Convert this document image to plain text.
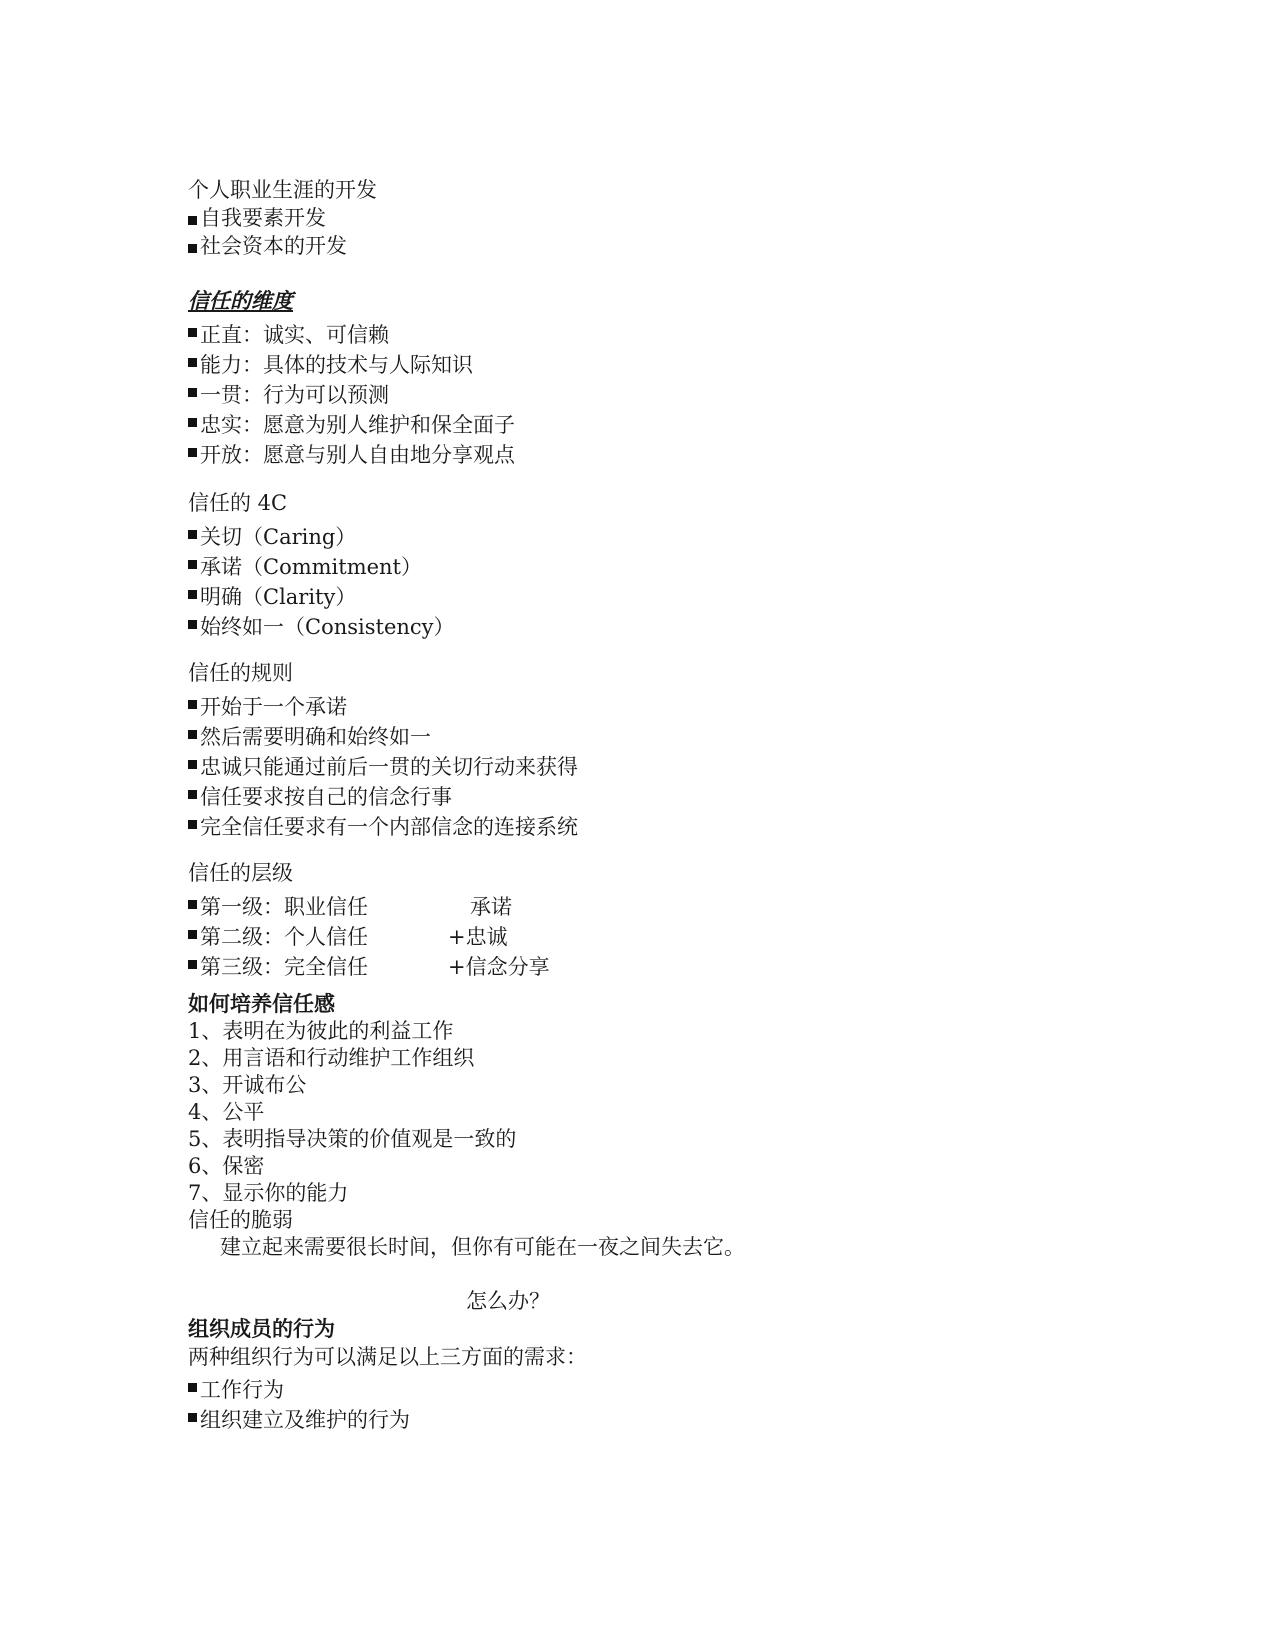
个人职业生涯的开发
自我要素开发
社会资本的开发
信任的维度
正直：诚实、可信赖
能力：具体的技术与人际知识
一贯：行为可以预测
忠实：愿意为别人维护和保全面子
开放：愿意与别人自由地分享观点
信任的 4C
关切（Caring）
承诺（Commitment）
明确（Clarity）
始终如一（Consistency）
信任的规则
开始于一个承诺
然后需要明确和始终如一
忠诚只能通过前后一贯的关切行动来获得
信任要求按自己的信念行事
完全信任要求有一个内部信念的连接系统
信任的层级
第一级：职业信任	承诺
第二级：个人信任	+忠诚
第三级：完全信任	+信念分享
如何培养信任感
1、表明在为彼此的利益工作
2、用言语和行动维护工作组织
3、开诚布公
4、公平
5、表明指导决策的价值观是一致的
6、保密
7、显示你的能力
信任的脆弱
建立起来需要很长时间，但你有可能在一夜之间失去它。
怎么办？
组织成员的行为
两种组织行为可以满足以上三方面的需求：
工作行为
组织建立及维护的行为
